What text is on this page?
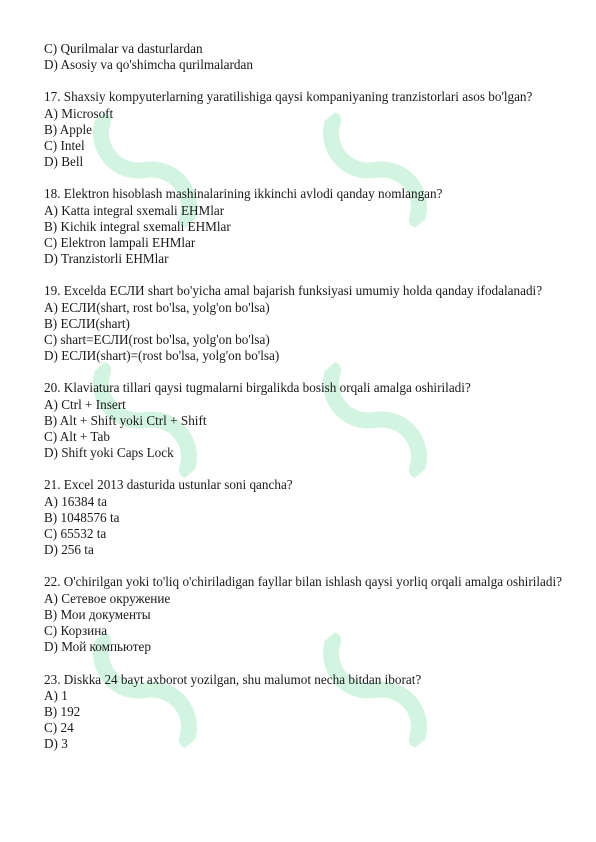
C) Qurilmalar va dasturlardan
D) Asosiy va qo'shimcha qurilmalardan
17. Shaxsiy kompyuterlarning yaratilishiga qaysi kompaniyaning tranzistorlari asos bo'lgan?
A) Microsoft
B) Apple
C) Intel
D) Bell
18. Elektron hisoblash mashinalarining ikkinchi avlodi qanday nomlangan?
A) Katta integral sxemali EHMlar
B) Kichik integral sxemali EHMlar
C) Elektron lampali EHMlar
D) Tranzistorli EHMlar
19. Excelda ЕСЛИ shart bo'yicha amal bajarish funksiyasi umumiy holda qanday ifodalanadi?
A) ЕСЛИ(shart, rost bo'lsa, yolg'on bo'lsa)
B) ЕСЛИ(shart)
C) shart=ЕСЛИ(rost bo'lsa, yolg'on bo'lsa)
D) ЕСЛИ(shart)=(rost bo'lsa, yolg'on bo'lsa)
20. Klaviatura tillari qaysi tugmalarni birgalikda bosish orqali amalga oshiriladi?
A) Ctrl + Insert
B) Alt + Shift yoki Ctrl + Shift
C) Alt + Tab
D) Shift yoki Caps Lock
21. Excel 2013 dasturida ustunlar soni qancha?
A) 16384 ta
B) 1048576 ta
C) 65532 ta
D) 256 ta
22. O'chirilgan yoki to'liq o'chiriladigan fayllar bilan ishlash qaysi yorliq orqali amalga oshiriladi?
A) Сетевое окружение
B) Мои документы
C) Корзина
D) Мой компьютер
23. Diskka 24 bayt axborot yozilgan, shu malumot necha bitdan iborat?
A) 1
B) 192
C) 24
D) 3
